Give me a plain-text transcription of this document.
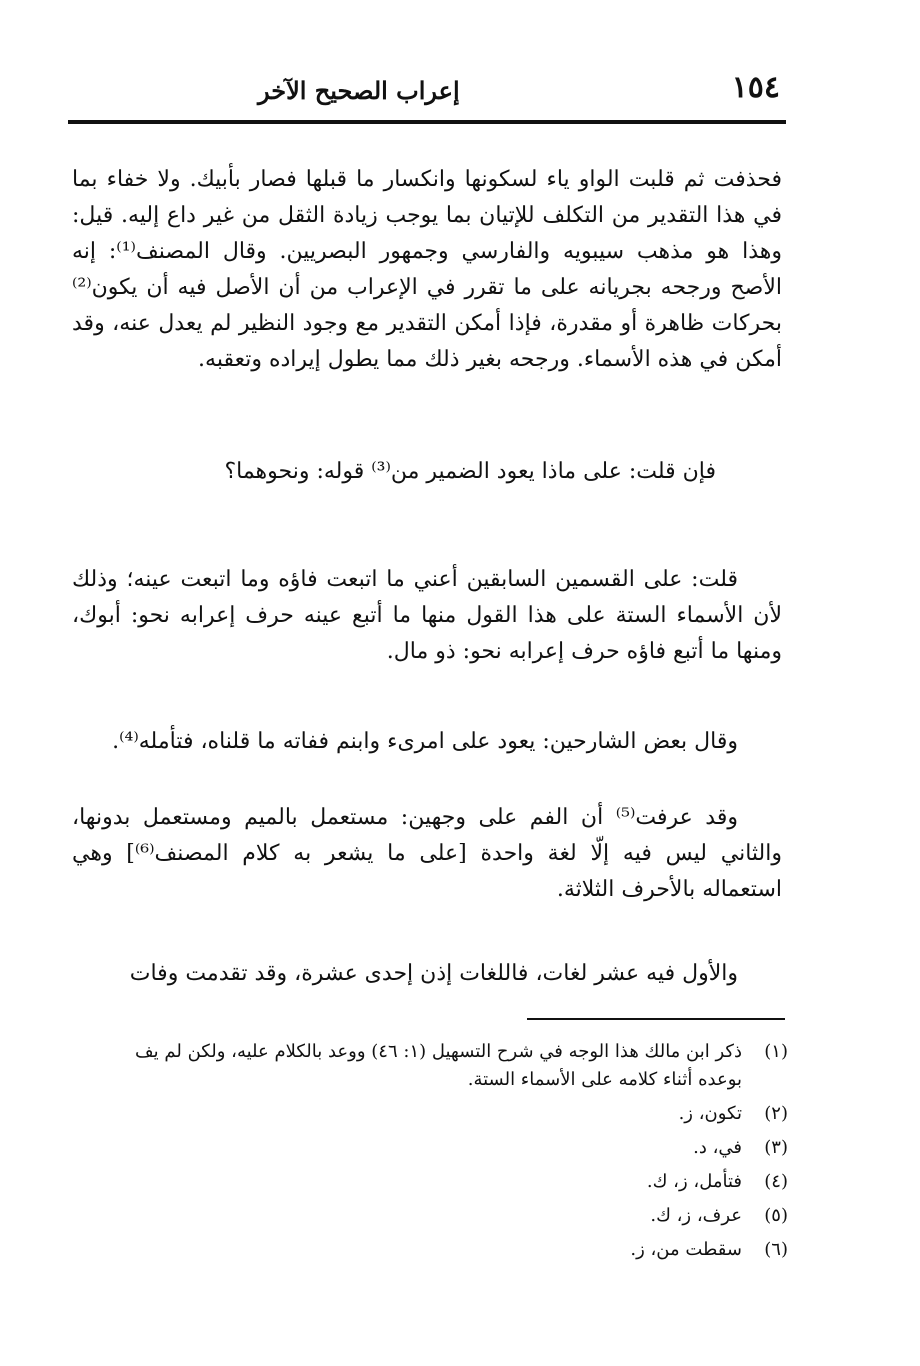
١٥٤
إعراب الصحيح الآخر

فحذفت ثم قلبت الواو ياء لسكونها وانكسار ما قبلها فصار بأبيك. ولا خفاء بما في هذا التقدير من التكلف للإتيان بما يوجب زيادة الثقل من غير داع إليه. قيل: وهذا هو مذهب سيبويه والفارسي وجمهور البصريين. وقال المصنف⁽¹⁾: إنه الأصح ورجحه بجريانه على ما تقرر في الإعراب من أن الأصل فيه أن يكون⁽²⁾ بحركات ظاهرة أو مقدرة، فإذا أمكن التقدير مع وجود النظير لم يعدل عنه، وقد أمكن في هذه الأسماء. ورجحه بغير ذلك مما يطول إيراده وتعقبه.

فإن قلت: على ماذا يعود الضمير من⁽³⁾ قوله: ونحوهما؟

قلت: على القسمين السابقين أعني ما اتبعت فاؤه وما اتبعت عينه؛ وذلك لأن الأسماء الستة على هذا القول منها ما أتبع عينه حرف إعرابه نحو: أبوك، ومنها ما أتبع فاؤه حرف إعرابه نحو: ذو مال.

وقال بعض الشارحين: يعود على امرىء وابنم ففاته ما قلناه، فتأمله⁽⁴⁾.

وقد عرفت⁽⁵⁾ أن الفم على وجهين: مستعمل بالميم ومستعمل بدونها، والثاني ليس فيه إلّا لغة واحدة [على ما يشعر به كلام المصنف⁽⁶⁾] وهي استعماله بالأحرف الثلاثة.

والأول فيه عشر لغات، فاللغات إذن إحدى عشرة، وقد تقدمت وفات

(١)
ذكر ابن مالك هذا الوجه في شرح التسهيل (١: ٤٦) ووعد بالكلام عليه، ولكن لم يف بوعده أثناء كلامه على الأسماء الستة.
(٢)
تكون، ز.
(٣)
في، د.
(٤)
فتأمل، ز، ك.
(٥)
عرف، ز، ك.
(٦)
سقطت من، ز.
